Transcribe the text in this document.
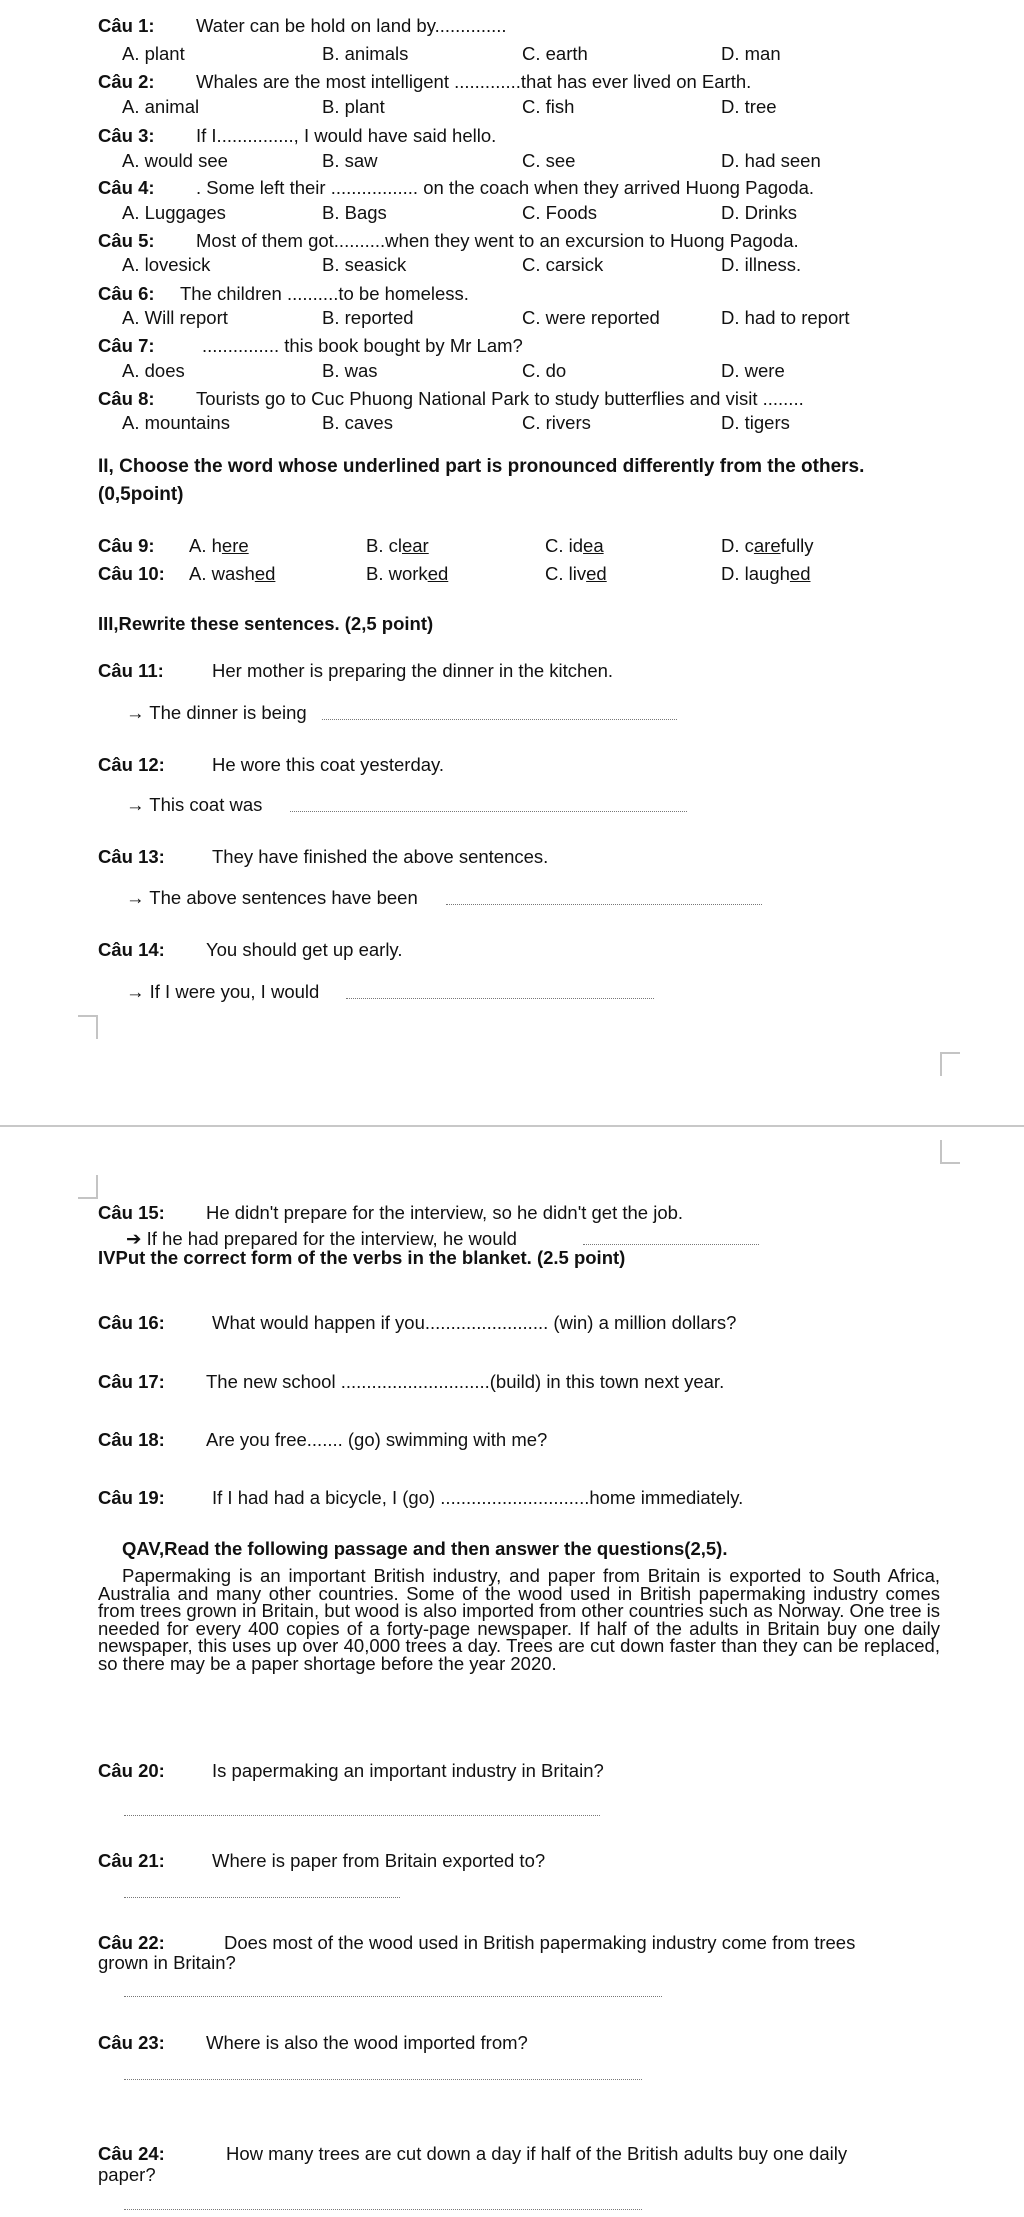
Câu 1: Water can be hold on land by..............
A. plant	B. animals	C. earth	D. man
Câu 2: Whales are the most intelligent .............that has ever lived on Earth.
A. animal	B. plant	C. fish	D. tree
Câu 3: If I..............., I would have said hello.
A. would see	B. saw	C. see	D. had seen
Câu 4: . Some left their ................. on the coach when they arrived Huong Pagoda.
A. Luggages	B. Bags	C. Foods	D. Drinks
Câu 5: Most of them got..........when they went to an excursion to Huong Pagoda.
A. lovesick	B. seasick	C. carsick	D. illness.
Câu 6: The children ..........to be homeless.
A. Will report	B. reported	C. were reported	D. had to report
Câu 7:	............... this book bought by Mr Lam?
A. does	B. was	C. do	D. were
Câu 8: Tourists go to Cuc Phuong National Park to study butterflies and visit ........
A. mountains	B. caves	C. rivers	D. tigers
II, Choose the word whose underlined part is pronounced differently from the others.
(0,5point)
Câu 9: A. here	B. clear	C. idea	D. carefully
Câu 10: A. washed	B. worked	C. lived	D. laughed
III,Rewrite these sentences. (2,5 point)
Câu 11:	Her mother is preparing the dinner in the kitchen.
→ The dinner is being
Câu 12:	He wore this coat yesterday.
→ This coat was
Câu 13:	They have finished the above sentences.
→ The above sentences have been
Câu 14: You should get up early.
→ If I were you, I would
Câu 15: He didn't prepare for the interview, so he didn't get the job.
➔ If he had prepared for the interview, he would
IVPut the correct form of the verbs in the blanket. (2.5 point)
Câu 16:	What would happen if you........................ (win) a million dollars?
Câu 17: The new school .............................(build) in this town next year.
Câu 18: Are you free....... (go) swimming with me?
Câu 19:	If I had had a bicycle, I (go) .............................home immediately.
QAV,Read the following passage and then answer the questions(2,5).
Papermaking is an important British industry, and paper from Britain is exported to South Africa, Australia and many other countries. Some of the wood used in British papermaking industry comes from trees grown in Britain, but wood is also imported from other countries such as Norway. One tree is needed for every 400 copies of a forty-page newspaper. If half of the adults in Britain buy one daily newspaper, this uses up over 40,000 trees a day. Trees are cut down faster than they can be replaced, so there may be a paper shortage before the year 2020.
Câu 20:	Is papermaking an important industry in Britain?
Câu 21:	Where is paper from Britain exported to?
Câu 22:	Does most of the wood used in British papermaking industry come from trees
grown in Britain?
Câu 23: Where is also the wood imported from?
Câu 24:	How many trees are cut down a day if half of the British adults buy one daily
paper?
